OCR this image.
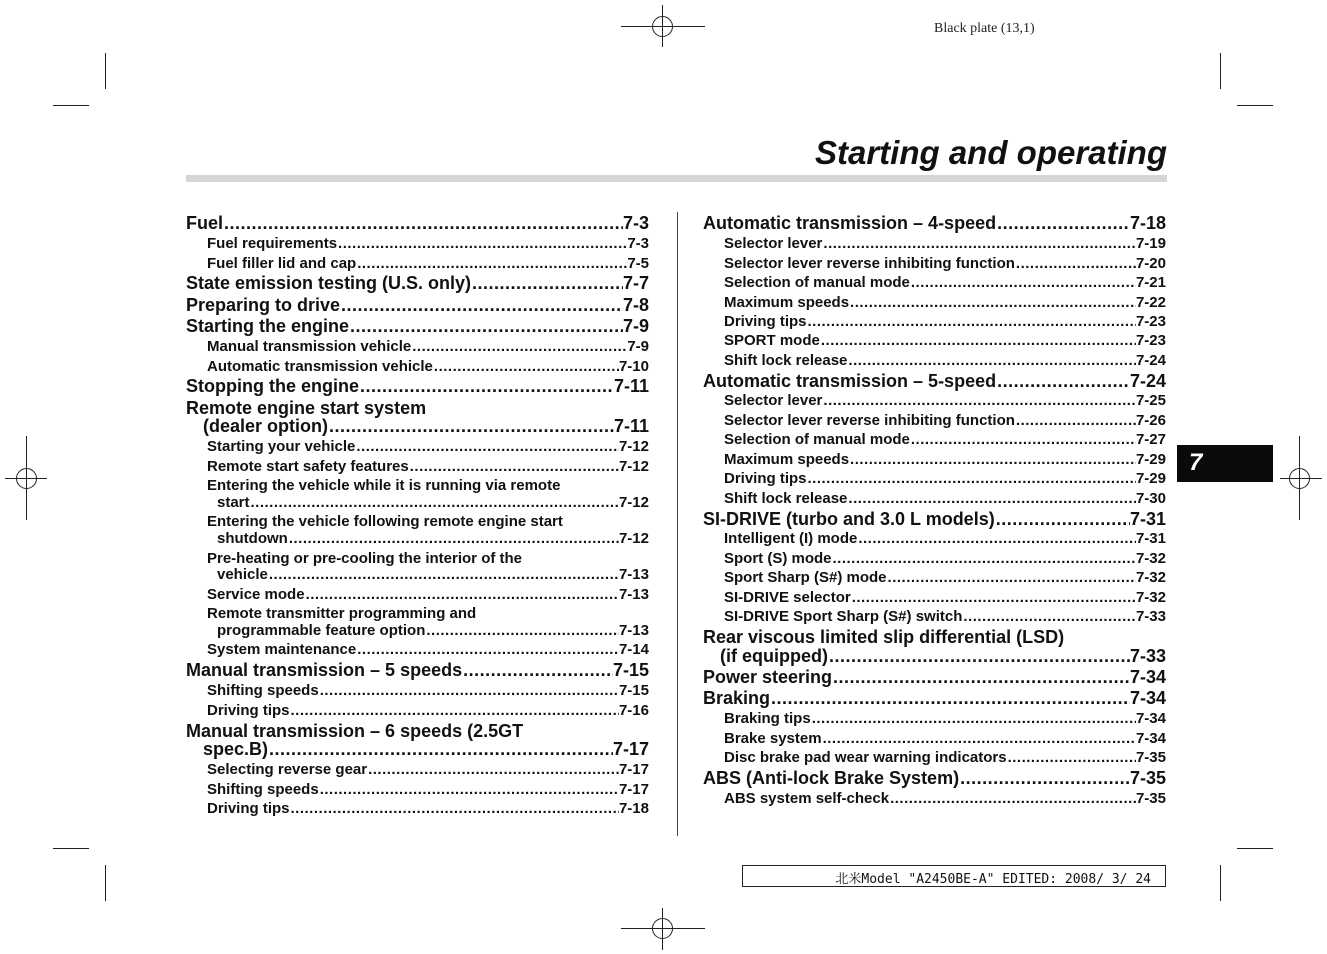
Black plate (13,1)
Starting and operating
7
北米Model "A2450BE-A" EDITED: 2008/ 3/ 24
Fuel .....	7-3
Fuel requirements .....	7-3
Fuel filler lid and cap .....	7-5
State emission testing (U.S. only) .....	7-7
Preparing to drive .....	7-8
Starting the engine .....	7-9
Manual transmission vehicle .....	7-9
Automatic transmission vehicle .....	7-10
Stopping the engine .....	7-11
Remote engine start system
(dealer option) .....	7-11
Starting your vehicle .....	7-12
Remote start safety features .....	7-12
Entering the vehicle while it is running via remote
start .....	7-12
Entering the vehicle following remote engine start
shutdown .....	7-12
Pre-heating or pre-cooling the interior of the
vehicle .....	7-13
Service mode .....	7-13
Remote transmitter programming and
programmable feature option .....	7-13
System maintenance .....	7-14
Manual transmission – 5 speeds .....	7-15
Shifting speeds .....	7-15
Driving tips .....	7-16
Manual transmission – 6 speeds (2.5GT
spec.B) .....	7-17
Selecting reverse gear .....	7-17
Shifting speeds .....	7-17
Driving tips .....	7-18
Automatic transmission – 4-speed .....	7-18
Selector lever .....	7-19
Selector lever reverse inhibiting function .....	7-20
Selection of manual mode .....	7-21
Maximum speeds .....	7-22
Driving tips .....	7-23
SPORT mode .....	7-23
Shift lock release .....	7-24
Automatic transmission – 5-speed .....	7-24
Selector lever .....	7-25
Selector lever reverse inhibiting function .....	7-26
Selection of manual mode .....	7-27
Maximum speeds .....	7-29
Driving tips .....	7-29
Shift lock release .....	7-30
SI-DRIVE (turbo and 3.0 L models) .....	7-31
Intelligent (I) mode .....	7-31
Sport (S) mode .....	7-32
Sport Sharp (S#) mode .....	7-32
SI-DRIVE selector .....	7-32
SI-DRIVE Sport Sharp (S#) switch .....	7-33
Rear viscous limited slip differential (LSD)
(if equipped) .....	7-33
Power steering .....	7-34
Braking .....	7-34
Braking tips .....	7-34
Brake system .....	7-34
Disc brake pad wear warning indicators .....	7-35
ABS (Anti-lock Brake System) .....	7-35
ABS system self-check .....	7-35
